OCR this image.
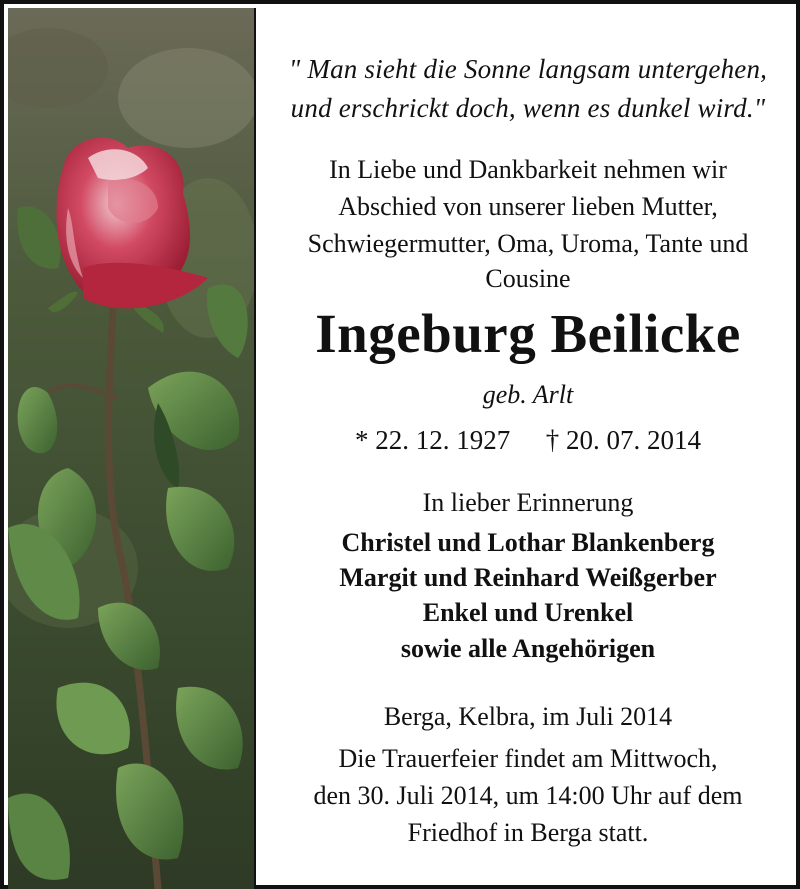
" Man sieht die Sonne langsam untergehen,
und erschrickt doch, wenn es dunkel wird."
In Liebe und Dankbarkeit nehmen wir
Abschied von unserer lieben Mutter,
Schwiegermutter, Oma, Uroma, Tante und
Cousine
Ingeburg Beilicke
geb. Arlt
* 22. 12. 1927 † 20. 07. 2014
In lieber Erinnerung
Christel und Lothar Blankenberg
Margit und Reinhard Weißgerber
Enkel und Urenkel
sowie alle Angehörigen
Berga, Kelbra, im Juli 2014
Die Trauerfeier findet am Mittwoch,
den 30. Juli 2014, um 14:00 Uhr auf dem
Friedhof in Berga statt.
